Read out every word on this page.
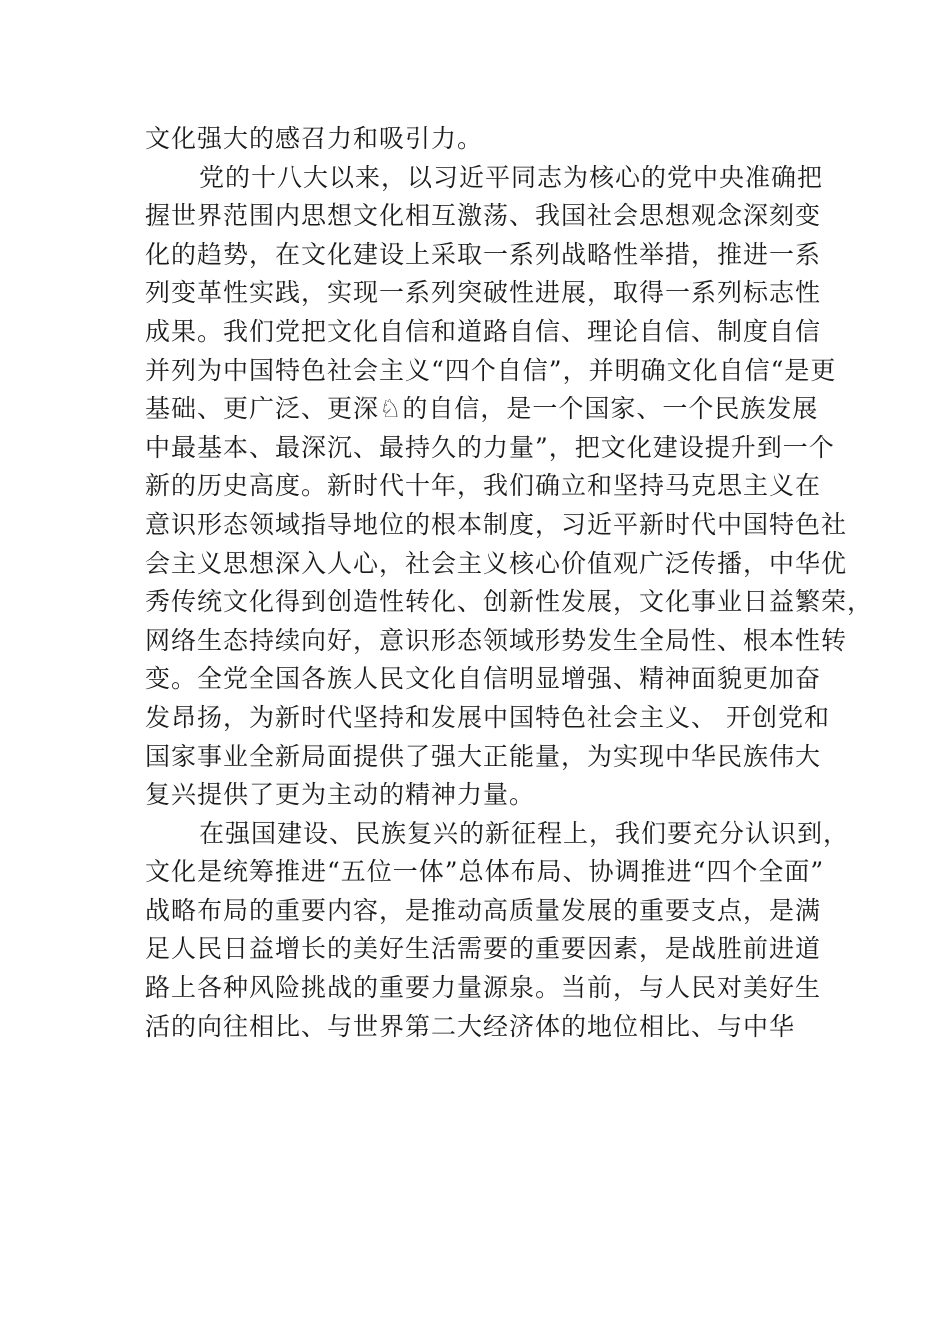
文化强大的感召力和吸引力。
党的十八大以来，以习近平同志为核心的党中央准确把
握世界范围内思想文化相互激荡、我国社会思想观念深刻变
化的趋势，在文化建设上采取一系列战略性举措，推进一系
列变革性实践，实现一系列突破性进展，取得一系列标志性
成果。我们党把文化自信和道路自信、理论自信、制度自信
并列为中国特色社会主义“四个自信”，并明确文化自信“是更
基础、更广泛、更深♘的自信，是一个国家、一个民族发展
中最基本、最深沉、最持久的力量”，把文化建设提升到一个
新的历史高度。新时代十年，我们确立和坚持马克思主义在
意识形态领域指导地位的根本制度，习近平新时代中国特色社
会主义思想深入人心，社会主义核心价值观广泛传播，中华优
秀传统文化得到创造性转化、创新性发展，文化事业日益繁荣，
网络生态持续向好，意识形态领域形势发生全局性、根本性转
变。全党全国各族人民文化自信明显增强、精神面貌更加奋
发昂扬，为新时代坚持和发展中国特色社会主义、 开创党和
国家事业全新局面提供了强大正能量，为实现中华民族伟大
复兴提供了更为主动的精神力量。
在强国建设、民族复兴的新征程上，我们要充分认识到，
文化是统筹推进“五位一体”总体布局、协调推进“四个全面”
战略布局的重要内容，是推动高质量发展的重要支点，是满
足人民日益增长的美好生活需要的重要因素，是战胜前进道
路上各种风险挑战的重要力量源泉。当前，与人民对美好生
活的向往相比、与世界第二大经济体的地位相比、与中华
